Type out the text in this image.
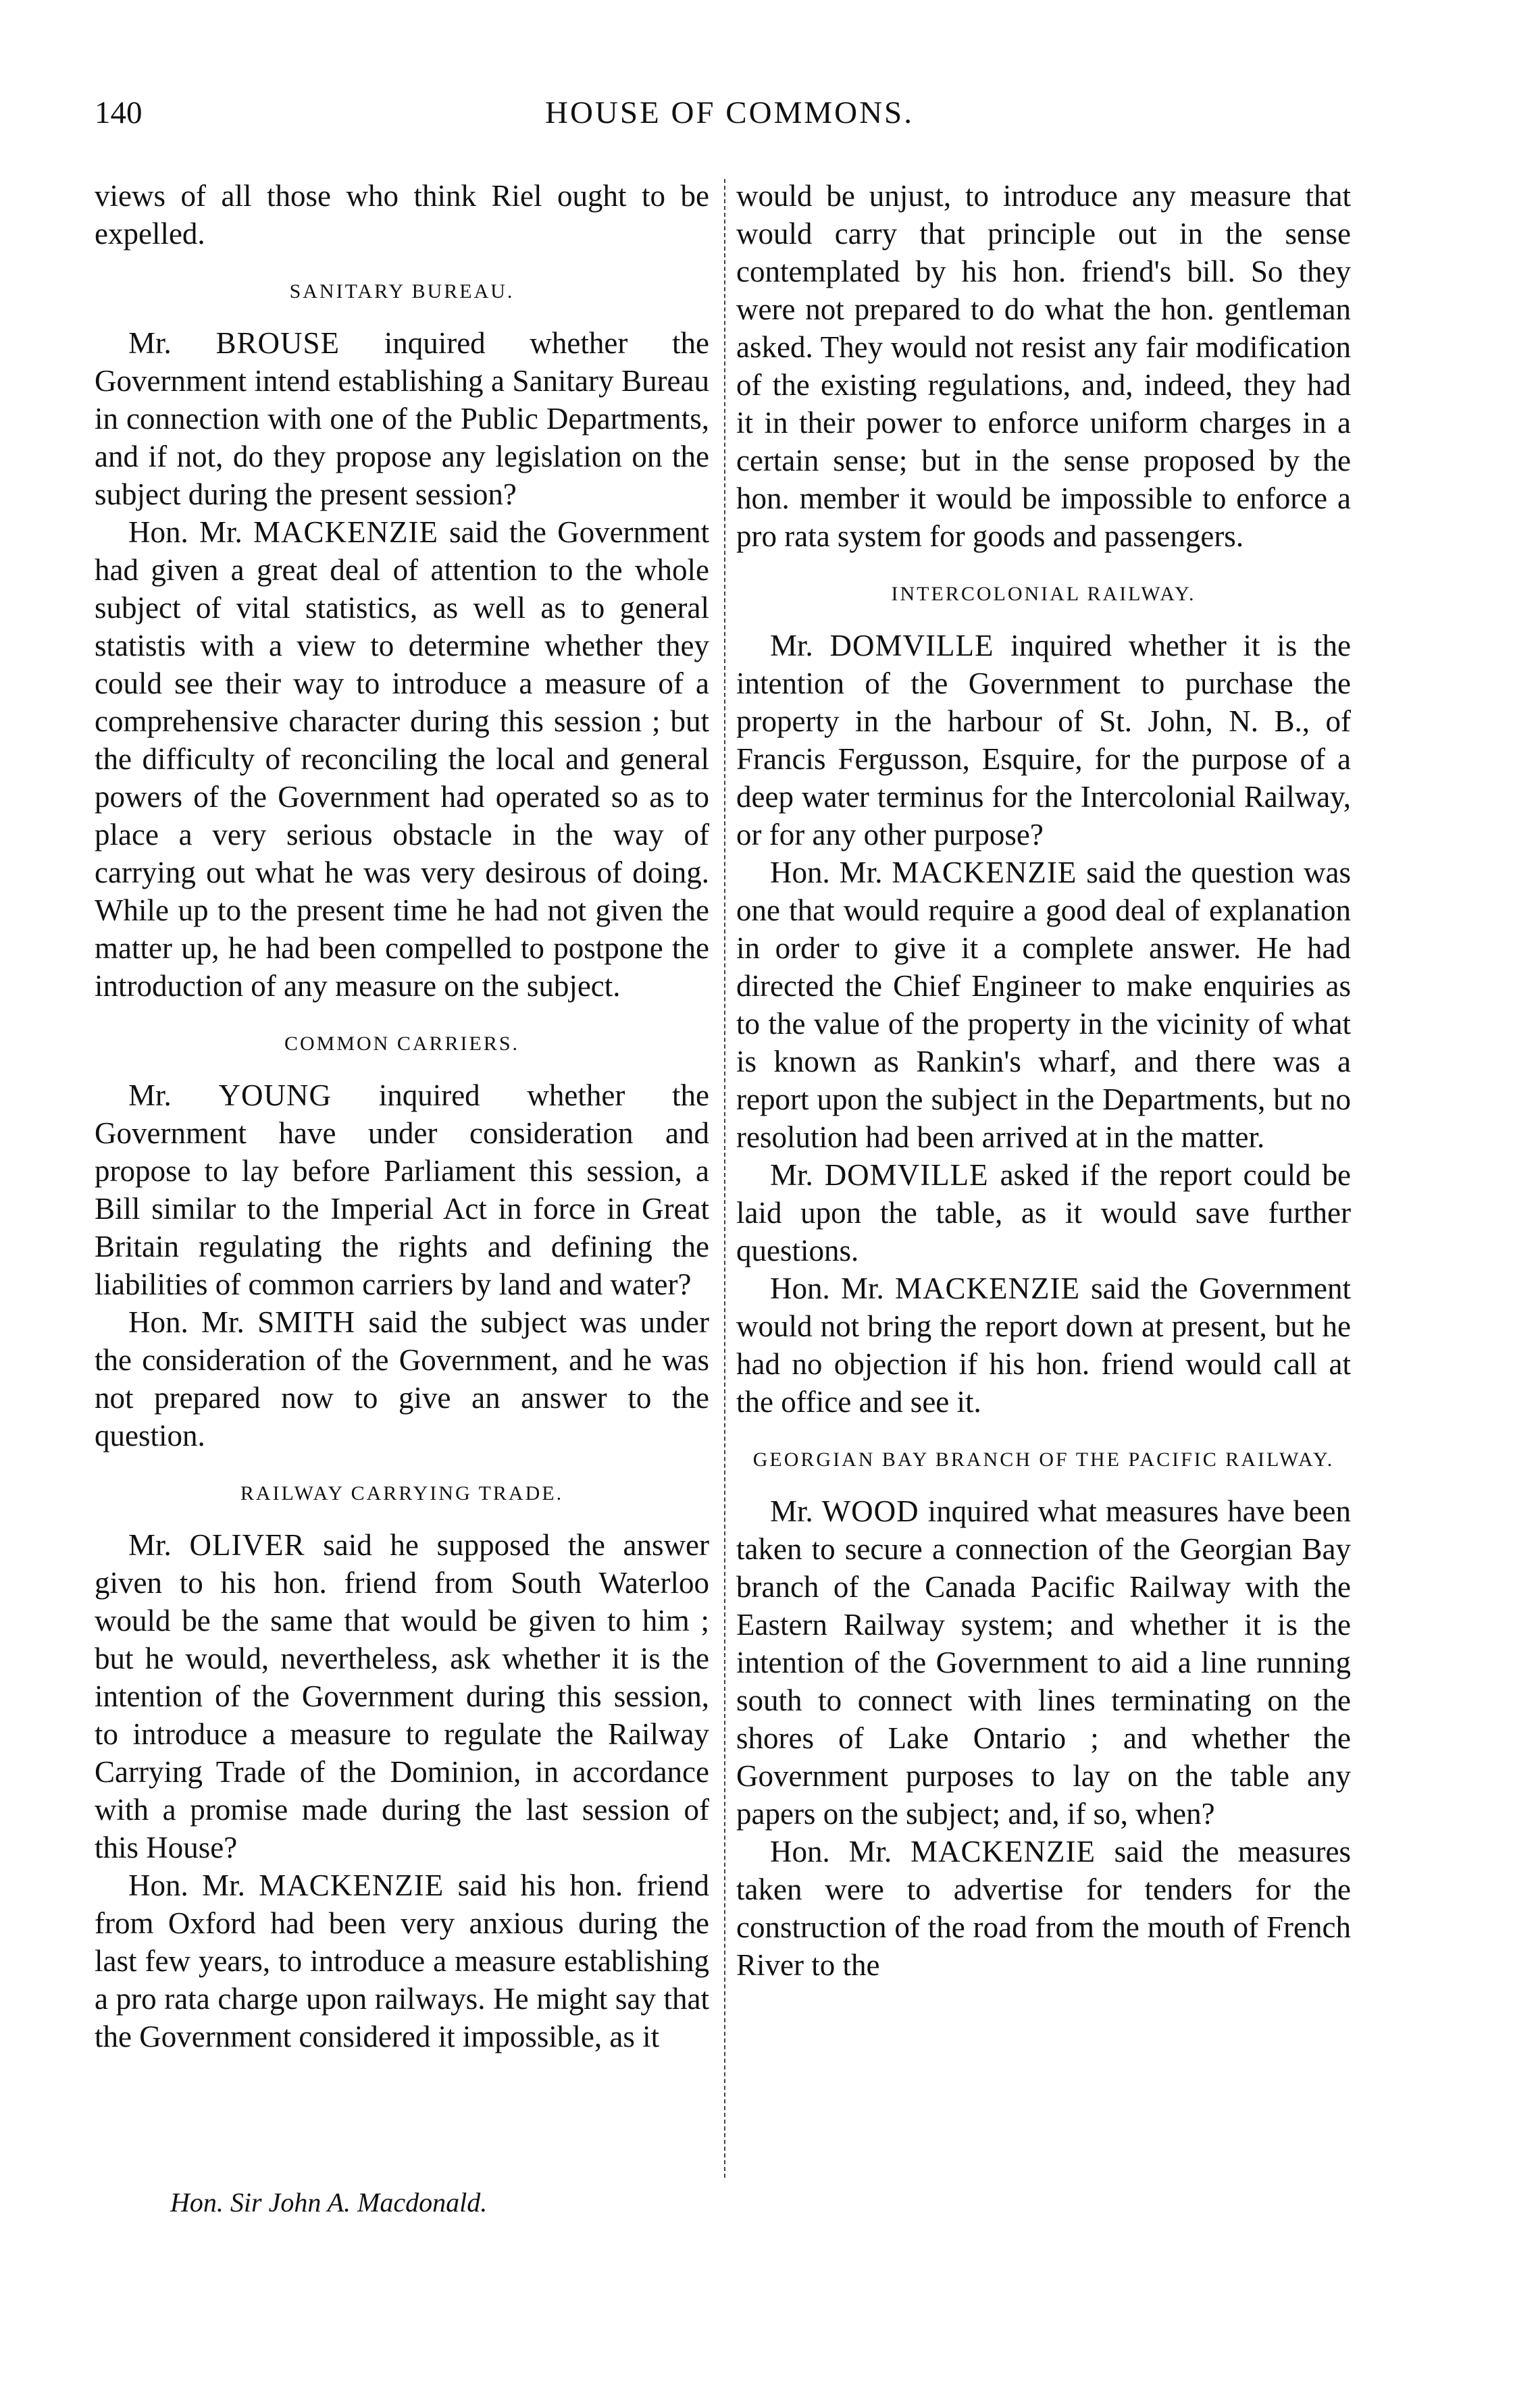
140	HOUSE OF COMMONS.

views of all those who think Riel ought to be expelled.

SANITARY BUREAU.

Mr. BROUSE inquired whether the Government intend establishing a Sanitary Bureau in connection with one of the Public Departments, and if not, do they propose any legislation on the subject during the present session?

Hon. Mr. MACKENZIE said the Government had given a great deal of attention to the whole subject of vital statistics, as well as to general statistis with a view to determine whether they could see their way to introduce a measure of a comprehensive character during this session ; but the difficulty of reconciling the local and general powers of the Government had operated so as to place a very serious obstacle in the way of carrying out what he was very desirous of doing. While up to the present time he had not given the matter up, he had been compelled to postpone the introduction of any measure on the subject.

COMMON CARRIERS.

Mr. YOUNG inquired whether the Government have under consideration and propose to lay before Parliament this session, a Bill similar to the Imperial Act in force in Great Britain regulating the rights and defining the liabilities of common carriers by land and water?

Hon. Mr. SMITH said the subject was under the consideration of the Government, and he was not prepared now to give an answer to the question.

RAILWAY CARRYING TRADE.

Mr. OLIVER said he supposed the answer given to his hon. friend from South Waterloo would be the same that would be given to him ; but he would, nevertheless, ask whether it is the intention of the Government during this session, to introduce a measure to regulate the Railway Carrying Trade of the Dominion, in accordance with a promise made during the last session of this House?

Hon. Mr. MACKENZIE said his hon. friend from Oxford had been very anxious during the last few years, to introduce a measure establishing a pro rata charge upon railways. He might say that the Government considered it impossible, as it

would be unjust, to introduce any measure that would carry that principle out in the sense contemplated by his hon. friend's bill. So they were not prepared to do what the hon. gentleman asked. They would not resist any fair modification of the existing regulations, and, indeed, they had it in their power to enforce uniform charges in a certain sense; but in the sense proposed by the hon. member it would be impossible to enforce a pro rata system for goods and passengers.

INTERCOLONIAL RAILWAY.

Mr. DOMVILLE inquired whether it is the intention of the Government to purchase the property in the harbour of St. John, N. B., of Francis Fergusson, Esquire, for the purpose of a deep water terminus for the Intercolonial Railway, or for any other purpose?

Hon. Mr. MACKENZIE said the question was one that would require a good deal of explanation in order to give it a complete answer. He had directed the Chief Engineer to make enquiries as to the value of the property in the vicinity of what is known as Rankin's wharf, and there was a report upon the subject in the Departments, but no resolution had been arrived at in the matter.

Mr. DOMVILLE asked if the report could be laid upon the table, as it would save further questions.

Hon. Mr. MACKENZIE said the Government would not bring the report down at present, but he had no objection if his hon. friend would call at the office and see it.

GEORGIAN BAY BRANCH OF THE PACIFIC RAILWAY.

Mr. WOOD inquired what measures have been taken to secure a connection of the Georgian Bay branch of the Canada Pacific Railway with the Eastern Railway system; and whether it is the intention of the Government to aid a line running south to connect with lines terminating on the shores of Lake Ontario ; and whether the Government purposes to lay on the table any papers on the subject; and, if so, when?

Hon. Mr. MACKENZIE said the measures taken were to advertise for tenders for the construction of the road from the mouth of French River to the

Hon. Sir John A. Macdonald.
